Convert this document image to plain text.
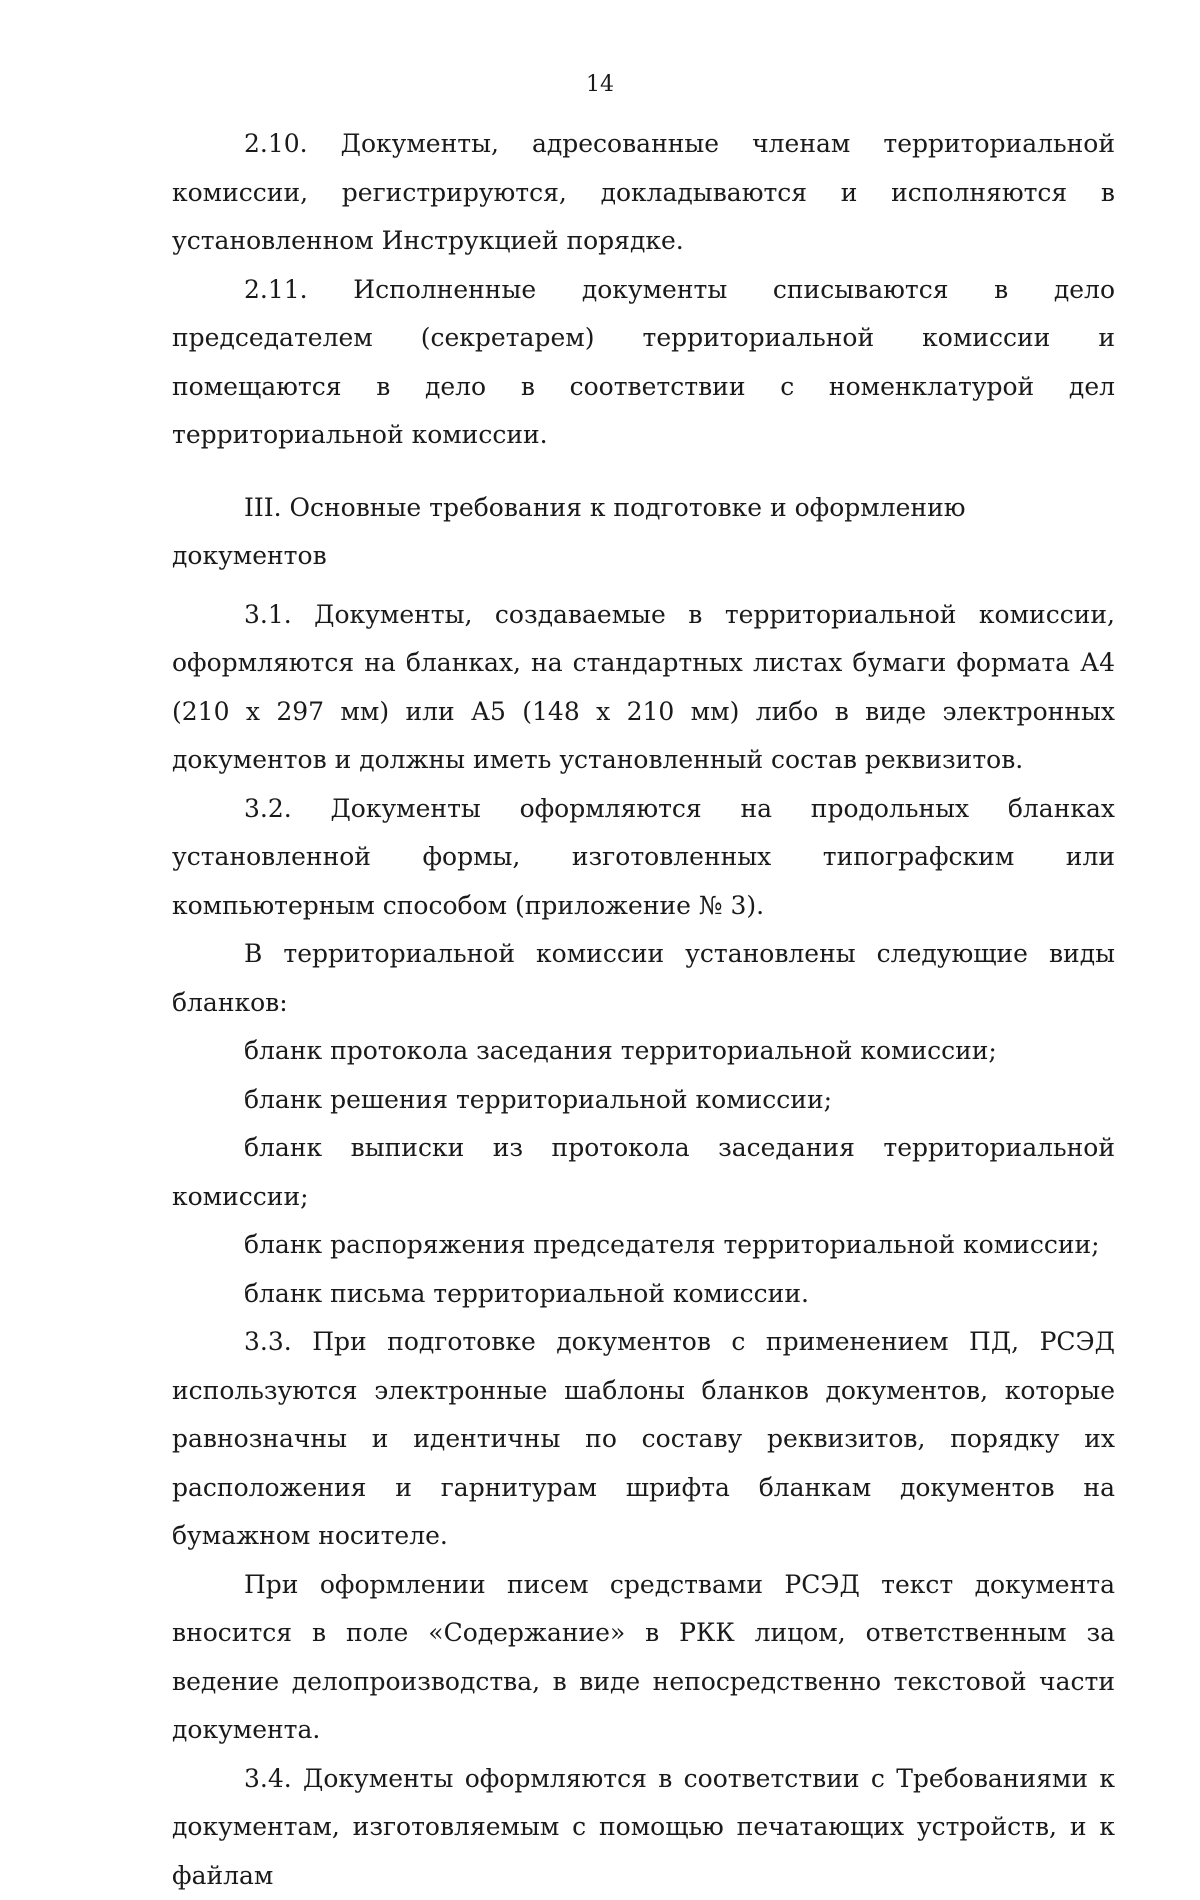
14

2.10. Документы, адресованные членам территориальной комиссии, регистрируются, докладываются и исполняются в установленном Инструкцией порядке.

2.11. Исполненные документы списываются в дело председателем (секретарем) территориальной комиссии и помещаются в дело в соответствии с номенклатурой дел территориальной комиссии.

III. Основные требования к подготовке и оформлению документов

3.1. Документы, создаваемые в территориальной комиссии, оформляются на бланках, на стандартных листах бумаги формата А4 (210 х 297 мм) или А5 (148 х 210 мм) либо в виде электронных документов и должны иметь установленный состав реквизитов.

3.2. Документы оформляются на продольных бланках установленной формы, изготовленных типографским или компьютерным способом (приложение № 3).

В территориальной комиссии установлены следующие виды бланков:

бланк протокола заседания территориальной комиссии;

бланк решения территориальной комиссии;

бланк выписки из протокола заседания территориальной комиссии;

бланк распоряжения председателя территориальной комиссии;

бланк письма территориальной комиссии.

3.3. При подготовке документов с применением ПД, РСЭД используются электронные шаблоны бланков документов, которые равнозначны и идентичны по составу реквизитов, порядку их расположения и гарнитурам шрифта бланкам документов на бумажном носителе.

При оформлении писем средствами РСЭД текст документа вносится в поле «Содержание» в РКК лицом, ответственным за ведение делопроизводства, в виде непосредственно текстовой части документа.

3.4. Документы оформляются в соответствии с Требованиями к документам, изготовляемым с помощью печатающих устройств, и к файлам
